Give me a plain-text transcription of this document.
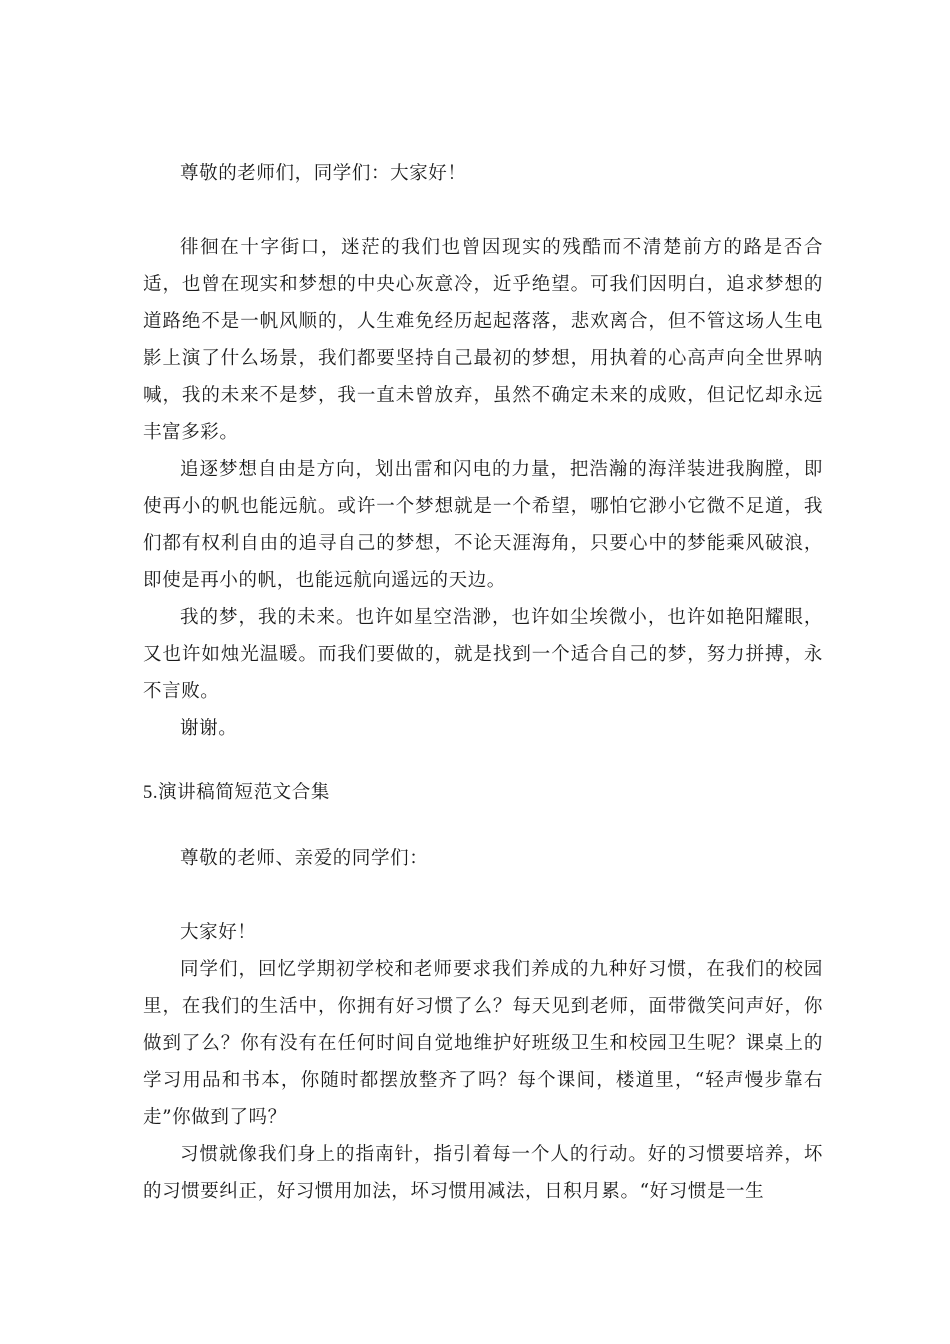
尊敬的老师们，同学们：大家好！

徘徊在十字街口，迷茫的我们也曾因现实的残酷而不清楚前方的路是否合适，也曾在现实和梦想的中央心灰意冷，近乎绝望。可我们因明白，追求梦想的道路绝不是一帆风顺的，人生难免经历起起落落，悲欢离合，但不管这场人生电影上演了什么场景，我们都要坚持自己最初的梦想，用执着的心高声向全世界呐喊，我的未来不是梦，我一直未曾放弃，虽然不确定未来的成败，但记忆却永远丰富多彩。

追逐梦想自由是方向，划出雷和闪电的力量，把浩瀚的海洋装进我胸膛，即使再小的帆也能远航。或许一个梦想就是一个希望，哪怕它渺小它微不足道，我们都有权利自由的追寻自己的梦想，不论天涯海角，只要心中的梦能乘风破浪，即使是再小的帆，也能远航向遥远的天边。

我的梦，我的未来。也许如星空浩渺，也许如尘埃微小，也许如艳阳耀眼，又也许如烛光温暖。而我们要做的，就是找到一个适合自己的梦，努力拼搏，永不言败。

谢谢。

5.演讲稿简短范文合集

尊敬的老师、亲爱的同学们：

大家好！

同学们，回忆学期初学校和老师要求我们养成的九种好习惯，在我们的校园里，在我们的生活中，你拥有好习惯了么？每天见到老师，面带微笑问声好，你做到了么？你有没有在任何时间自觉地维护好班级卫生和校园卫生呢？课桌上的学习用品和书本，你随时都摆放整齐了吗？每个课间，楼道里，“轻声慢步靠右走”你做到了吗？

习惯就像我们身上的指南针，指引着每一个人的行动。好的习惯要培养，坏的习惯要纠正，好习惯用加法，坏习惯用减法，日积月累。“好习惯是一生
